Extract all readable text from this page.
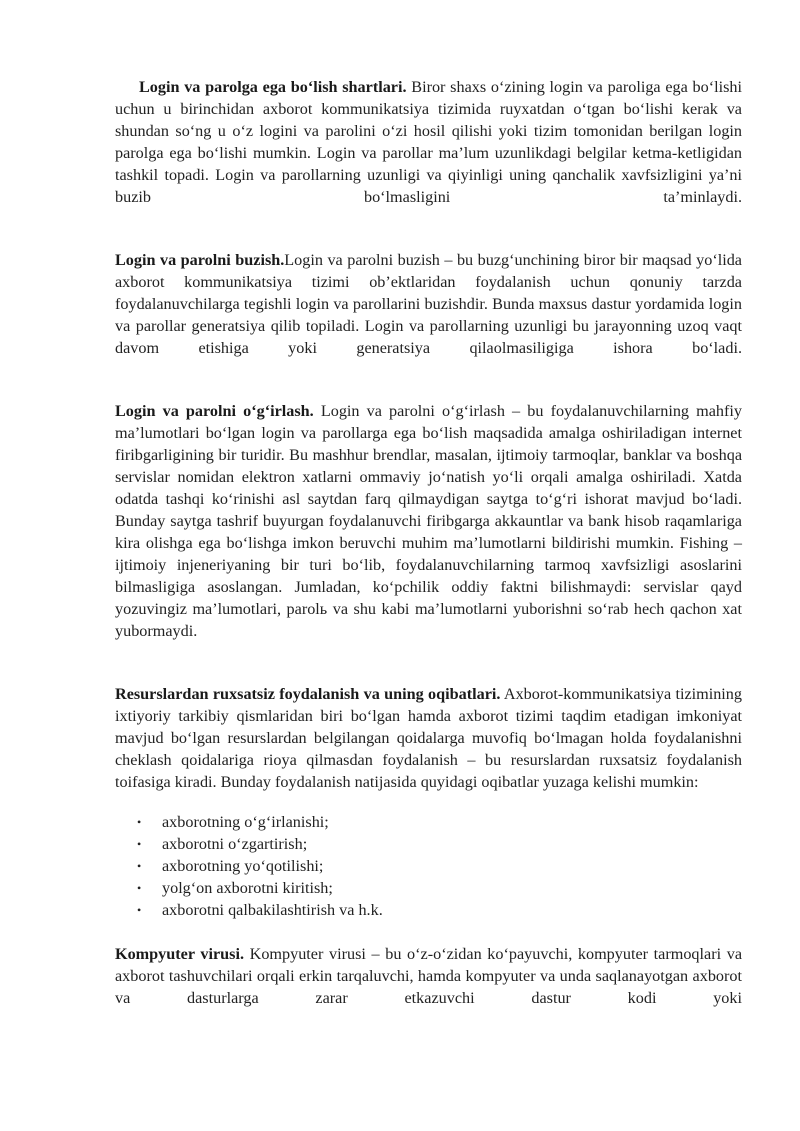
Login va parolga ega bo‘lish shartlari. Biror shaxs o‘zining login va paroliga ega bo‘lishi uchun u birinchidan axborot kommunikatsiya tizimida ruyxatdan o‘tgan bo‘lishi kerak va shundan so‘ng u o‘z loginі va parolini o‘zi hosil qilishi yoki tizim tomonidan berilgan login parolga ega bo‘lishi mumkin. Login va parollar ma’lum uzunlikdagi belgilar ketma-ketligidan tashkil topadi. Login va parollarning uzunligi va qiyinligi uning qanchalik xavfsizligini ya’ni buzib bo‘lmasligini ta’minlaydi.

Login va parolni buzish.Login va parolni buzish – bu buzg‘unchining biror bir maqsad yo‘lida axborot kommunikatsiya tizimi ob’ektlaridan foydalanish uchun qonuniy tarzda foydalanuvchilarga tegishli login va parollarini buzishdir. Bunda maxsus dastur yordamida login va parollar generatsiya qilib topiladi. Login va parollarning uzunligi bu jarayonning uzoq vaqt davom etishiga yoki generatsiya qilaolmasiligiga ishora bo‘ladi.

Login va parolni o‘g‘irlash. Login va parolni o‘g‘irlash – bu foydalanuvchilarning mahfiy ma’lumotlari bo‘lgan login va parollarga ega bo‘lish maqsadida amalga oshiriladigan internet firibgarligining bir turidir. Bu mashhur brendlar, masalan, ijtimoiy tarmoqlar, banklar va boshqa servislar nomidan elektron xatlarni ommaviy jo‘natish yo‘li orqali amalga oshiriladi. Xatda odatda tashqi ko‘rinishi asl saytdan farq qilmaydigan saytga to‘g‘ri ishorat mavjud bo‘ladi. Bunday saytga tashrif buyurgan foydalanuvchi firibgarga akkauntlar va bank hisob raqamlariga kira olishga ega bo‘lishga imkon beruvchi muhim ma’lumotlarni bildirishi mumkin. Fishing – ijtimoiy injeneriyaning bir turi bo‘lib, foydalanuvchilarning tarmoq xavfsizligi asoslarini bilmasligiga asoslangan. Jumladan, ko‘pchilik oddiy faktni bilishmaydi: servislar qayd yozuvingiz ma’lumotlari, parolь va shu kabi ma’lumotlarni yuborishni so‘rab hech qachon xat yubormaydi.

Resurslardan ruxsatsiz foydalanish va uning oqibatlari. Axborot-kommunikatsiya tizimining ixtiyoriy tarkibiy qismlaridan biri bo‘lgan hamda axborot tizimi taqdim etadigan imkoniyat mavjud bo‘lgan resurslardan belgilangan qoidalarga muvofiq bo‘lmagan holda foydalanishni cheklash qoidalariga rioya qilmasdan foydalanish – bu resurslardan ruxsatsiz foydalanish toifasiga kiradi. Bunday foydalanish natijasida quyidagi oqibatlar yuzaga kelishi mumkin:

• axborotning o‘g‘irlanishi;
• axborotni o‘zgartirish;
• axborotning yo‘qotilishi;
• yolg‘on axborotni kiritish;
• axborotni qalbakilashtirish va h.k.

Kompyuter virusi. Kompyuter virusi – bu o‘z-o‘zidan ko‘payuvchi, kompyuter tarmoqlari va axborot tashuvchilari orqali erkin tarqaluvchi, hamda kompyuter va unda saqlanayotgan axborot va dasturlarga zarar etkazuvchi dastur kodi yoki
